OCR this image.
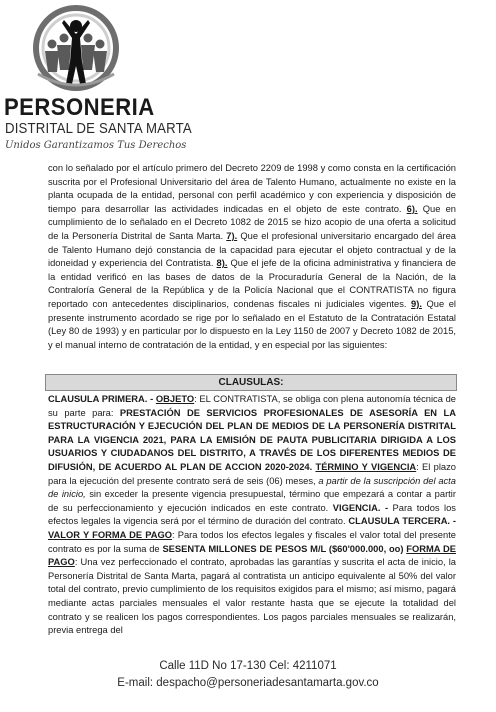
PERSONERIA
DISTRITAL DE SANTA MARTA
Unidos Garantizamos Tus Derechos

con lo señalado por el artículo primero del Decreto 2209 de 1998 y como consta en la certificación suscrita por el Profesional Universitario del área de Talento Humano, actualmente no existe en la planta ocupada de la entidad, personal con perfil académico y con experiencia y disposición de tiempo para desarrollar las actividades indicadas en el objeto de este contrato. 6). Que en cumplimiento de lo señalado en el Decreto 1082 de 2015 se hizo acopio de una oferta a solicitud de la Personería Distrital de Santa Marta. 7). Que el profesional universitario encargado del área de Talento Humano dejó constancia de la capacidad para ejecutar el objeto contractual y de la idoneidad y experiencia del Contratista. 8). Que el jefe de la oficina administrativa y financiera de la entidad verificó en las bases de datos de la Procuraduría General de la Nación, de la Contraloría General de la República y de la Policía Nacional que el CONTRATISTA no figura reportado con antecedentes disciplinarios, condenas fiscales ni judiciales vigentes. 9). Que el presente instrumento acordado se rige por lo señalado en el Estatuto de la Contratación Estatal (Ley 80 de 1993) y en particular por lo dispuesto en la Ley 1150 de 2007 y Decreto 1082 de 2015, y el manual interno de contratación de la entidad, y en especial por las siguientes:

CLAUSULAS:

CLAUSULA PRIMERA. - OBJETO: EL CONTRATISTA, se obliga con plena autonomía técnica de su parte para: PRESTACIÓN DE SERVICIOS PROFESIONALES DE ASESORÍA EN LA ESTRUCTURACIÓN Y EJECUCIÓN DEL PLAN DE MEDIOS DE LA PERSONERÍA DISTRITAL PARA LA VIGENCIA 2021, PARA LA EMISIÓN DE PAUTA PUBLICITARIA DIRIGIDA A LOS USUARIOS Y CIUDADANOS DEL DISTRITO, A TRAVÉS DE LOS DIFERENTES MEDIOS DE DIFUSIÓN, DE ACUERDO AL PLAN DE ACCION 2020-2024. TÉRMINO Y VIGENCIA: El plazo para la ejecución del presente contrato será de seis (06) meses, a partir de la suscripción del acta de inicio, sin exceder la presente vigencia presupuestal, término que empezará a contar a partir de su perfeccionamiento y ejecución indicados en este contrato. VIGENCIA. - Para todos los efectos legales la vigencia será por el término de duración del contrato. CLAUSULA TERCERA. - VALOR Y FORMA DE PAGO: Para todos los efectos legales y fiscales el valor total del presente contrato es por la suma de SESENTA MILLONES DE PESOS M/L ($60'000.000, oo) FORMA DE PAGO: Una vez perfeccionado el contrato, aprobadas las garantías y suscrita el acta de inicio, la Personería Distrital de Santa Marta, pagará al contratista un anticipo equivalente al 50% del valor total del contrato, previo cumplimiento de los requisitos exigidos para el mismo; así mismo, pagará mediante actas parciales mensuales el valor restante hasta que se ejecute la totalidad del contrato y se realicen los pagos correspondientes. Los pagos parciales mensuales se realizarán, previa entrega del

Calle 11D No 17-130 Cel: 4211071
E-mail: despacho@personeriadesantamarta.gov.co
